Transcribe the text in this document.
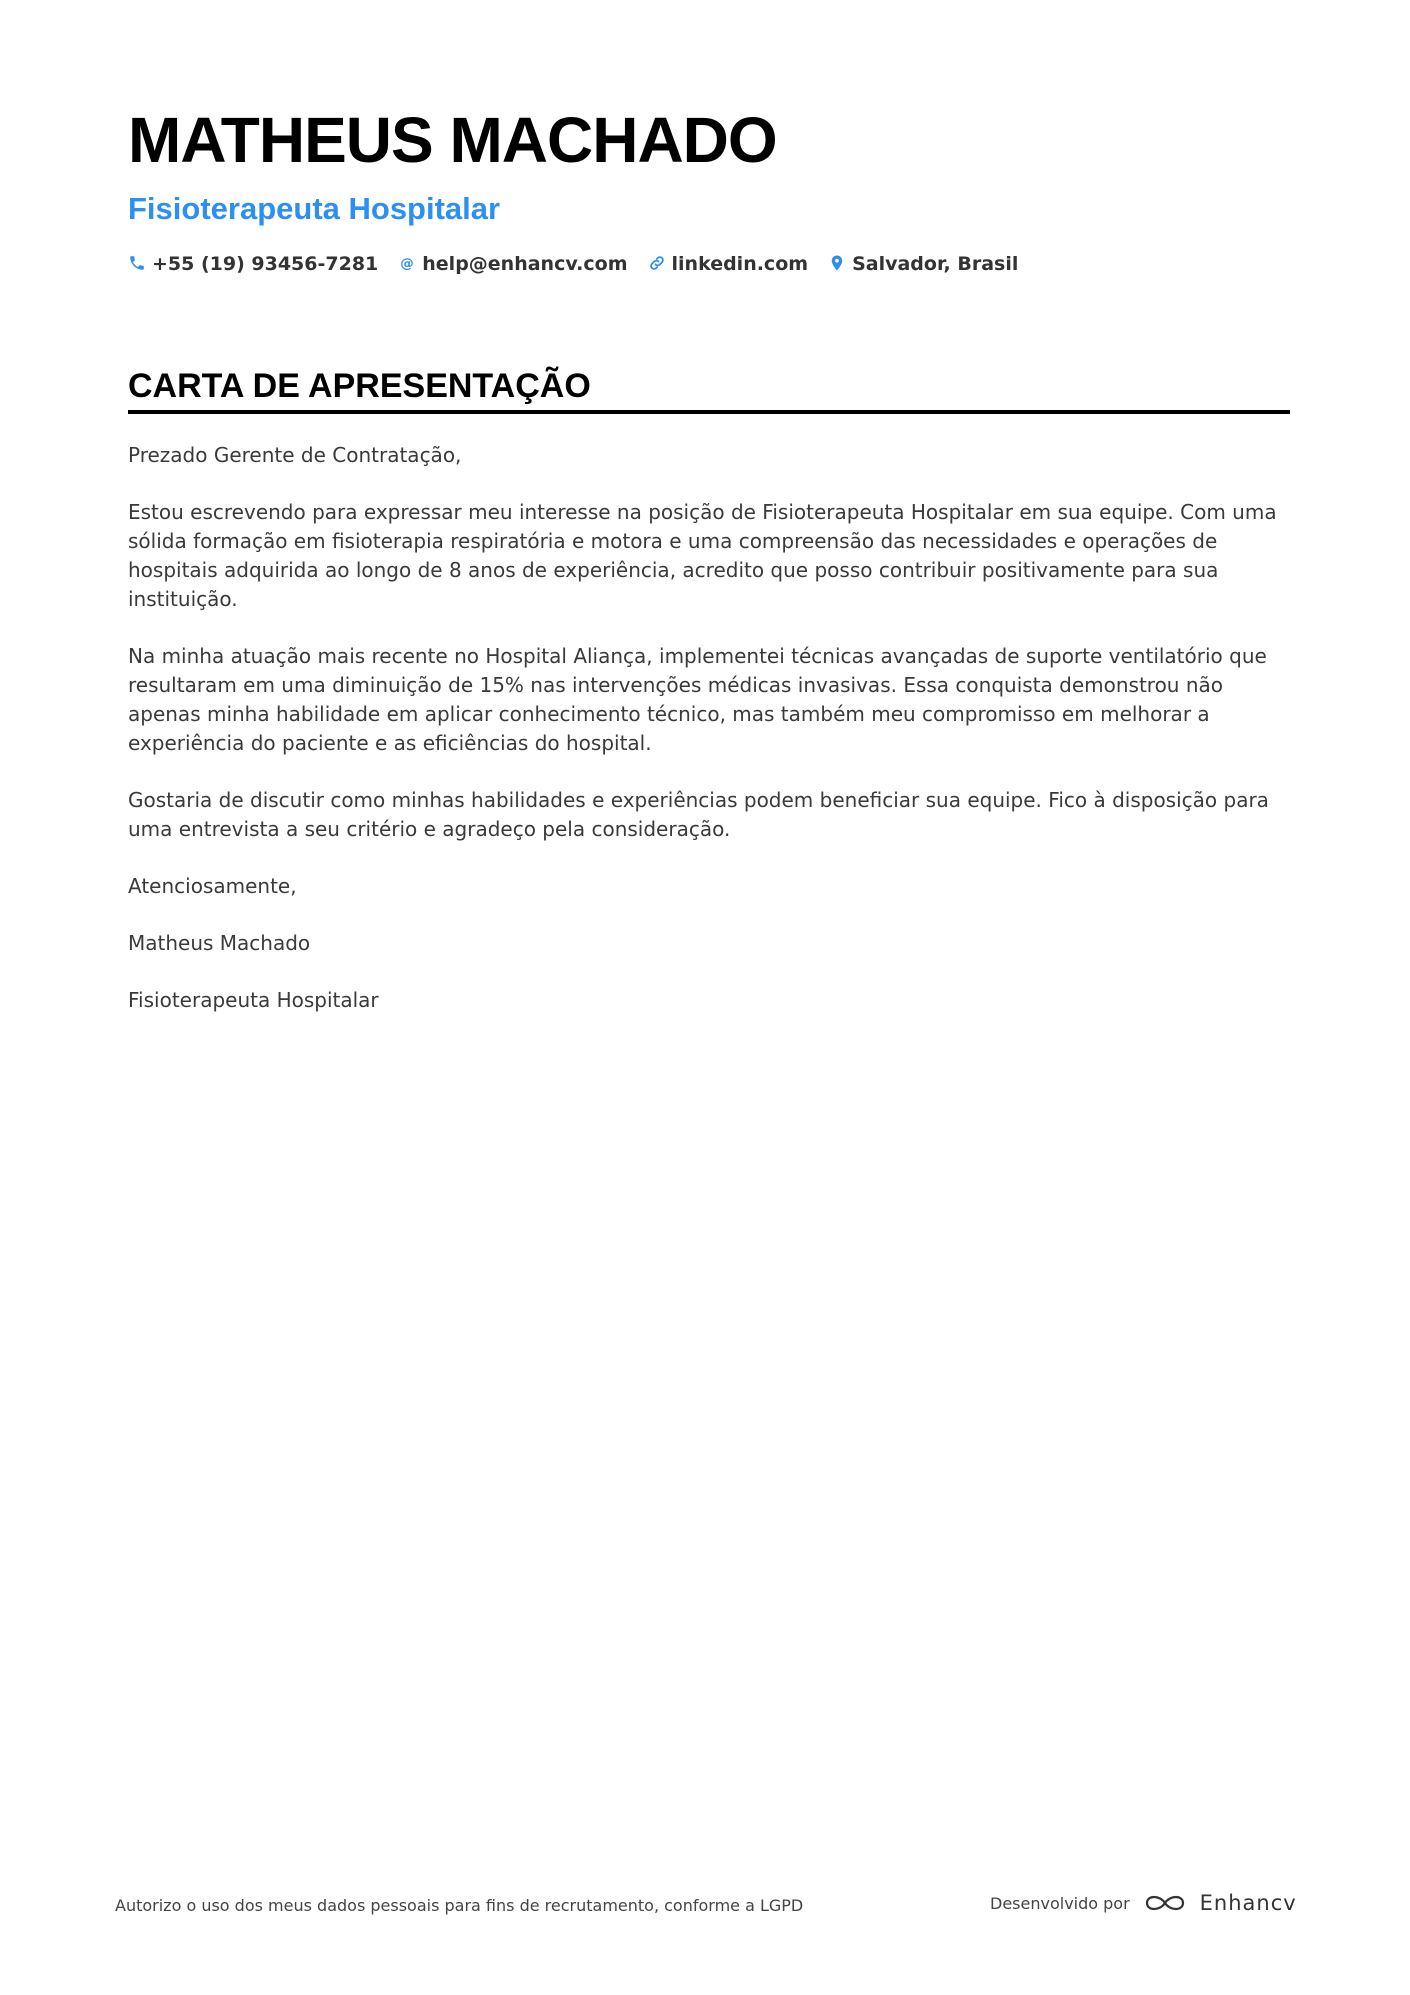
MATHEUS MACHADO
Fisioterapeuta Hospitalar
+55 (19) 93456-7281 @ help@enhancv.com linkedin.com Salvador, Brasil
CARTA DE APRESENTAÇÃO

Prezado Gerente de Contratação,

Estou escrevendo para expressar meu interesse na posição de Fisioterapeuta Hospitalar em sua equipe. Com uma sólida formação em fisioterapia respiratória e motora e uma compreensão das necessidades e operações de hospitais adquirida ao longo de 8 anos de experiência, acredito que posso contribuir positivamente para sua instituição.

Na minha atuação mais recente no Hospital Aliança, implementei técnicas avançadas de suporte ventilatório que resultaram em uma diminuição de 15% nas intervenções médicas invasivas. Essa conquista demonstrou não apenas minha habilidade em aplicar conhecimento técnico, mas também meu compromisso em melhorar a experiência do paciente e as eficiências do hospital.

Gostaria de discutir como minhas habilidades e experiências podem beneficiar sua equipe. Fico à disposição para uma entrevista a seu critério e agradeço pela consideração.

Atenciosamente,

Matheus Machado

Fisioterapeuta Hospitalar

Autorizo o uso dos meus dados pessoais para fins de recrutamento, conforme a LGPD	Desenvolvido por	Enhancv
